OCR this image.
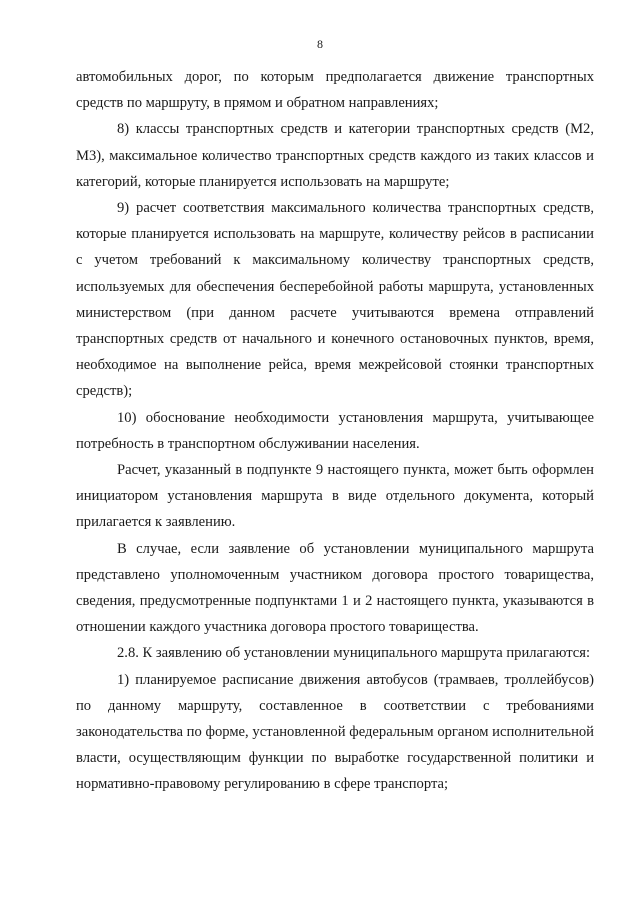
8

автомобильных дорог, по которым предполагается движение транспортных средств по маршруту, в прямом и обратном направлениях;

8) классы транспортных средств и категории транспортных средств (М2, М3), максимальное количество транспортных средств каждого из таких классов и категорий, которые планируется использовать на маршруте;

9) расчет соответствия максимального количества транспортных средств, которые планируется использовать на маршруте, количеству рейсов в расписании с учетом требований к максимальному количеству транспортных средств, используемых для обеспечения бесперебойной работы маршрута, установленных министерством (при данном расчете учитываются времена отправлений транспортных средств от начального и конечного остановочных пунктов, время, необходимое на выполнение рейса, время межрейсовой стоянки транспортных средств);

10) обоснование необходимости установления маршрута, учитывающее потребность в транспортном обслуживании населения.

Расчет, указанный в подпункте 9 настоящего пункта, может быть оформлен инициатором установления маршрута в виде отдельного документа, который прилагается к заявлению.

В случае, если заявление об установлении муниципального маршрута представлено уполномоченным участником договора простого товарищества, сведения, предусмотренные подпунктами 1 и 2 настоящего пункта, указываются в отношении каждого участника договора простого товарищества.

2.8. К заявлению об установлении муниципального маршрута прилагаются:

1) планируемое расписание движения автобусов (трамваев, троллейбусов) по данному маршруту, составленное в соответствии с требованиями законодательства по форме, установленной федеральным органом исполнительной власти, осуществляющим функции по выработке государственной политики и нормативно-правовому регулированию в сфере транспорта;
